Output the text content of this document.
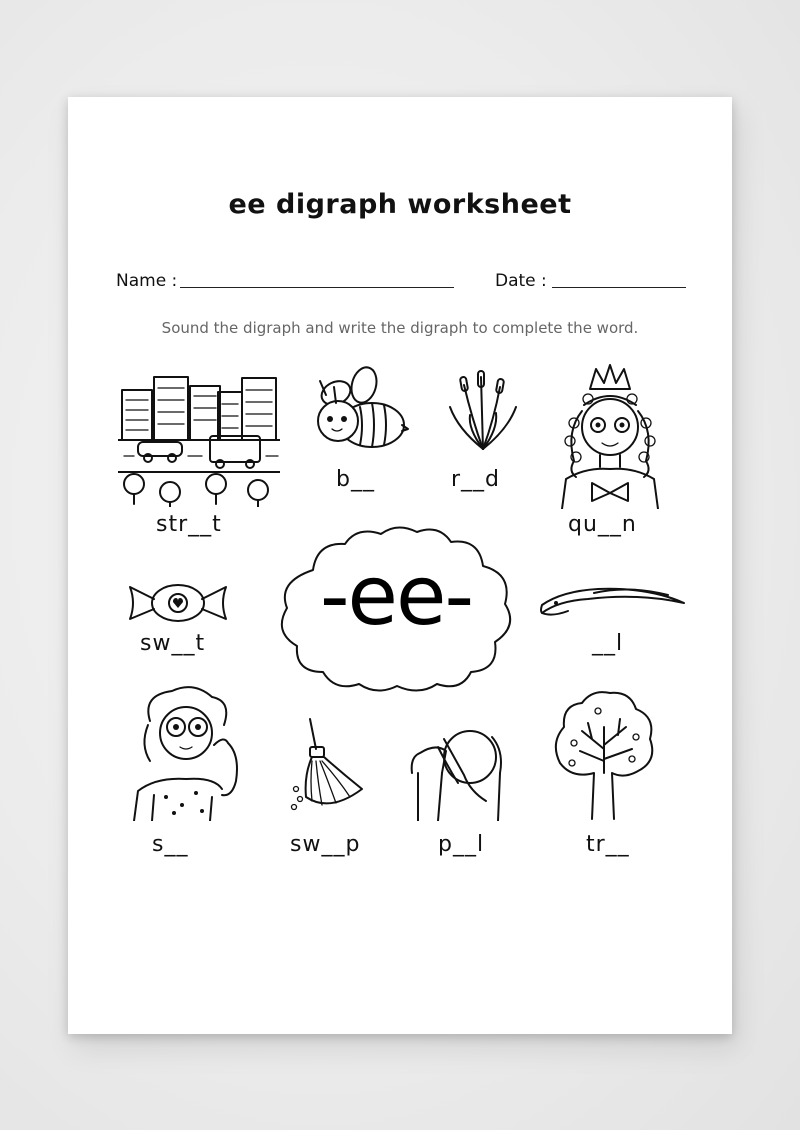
ee digraph worksheet
Name :	Date :
Sound the digraph and write the digraph to complete the word.
str__t
b__	r__d
qu__n
sw__t	-ee-	__l
s__	sw__p	p__l	tr__
